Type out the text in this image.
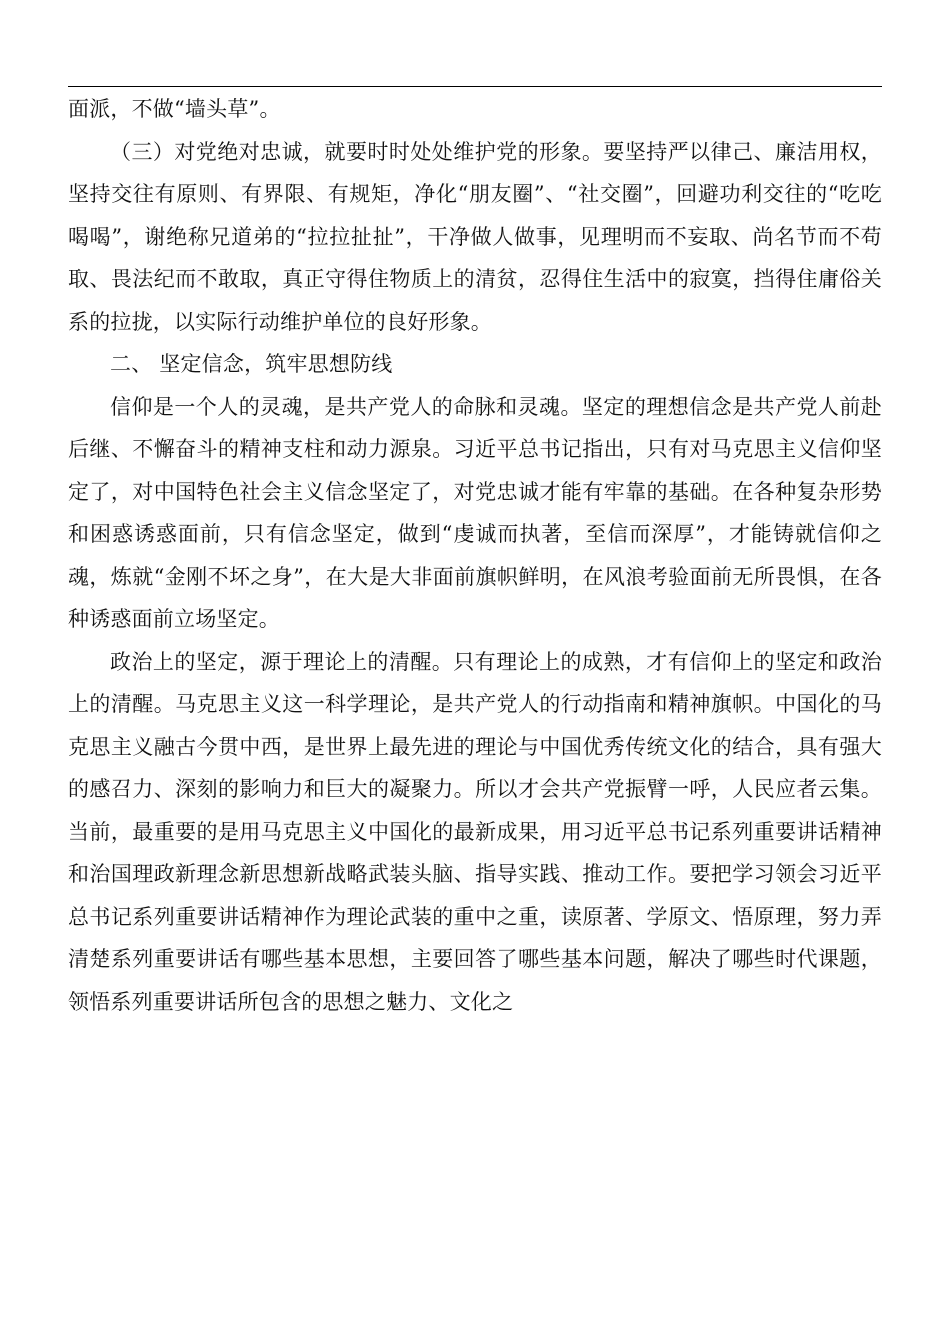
面派，不做“墙头草”。

（三）对党绝对忠诚，就要时时处处维护党的形象。要坚持严以律己、廉洁用权，坚持交往有原则、有界限、有规矩，净化“朋友圈”、“社交圈”，回避功利交往的“吃吃喝喝”，谢绝称兄道弟的“拉拉扯扯”，干净做人做事，见理明而不妄取、尚名节而不苟取、畏法纪而不敢取，真正守得住物质上的清贫，忍得住生活中的寂寞，挡得住庸俗关系的拉拢，以实际行动维护单位的良好形象。

二、 坚定信念，筑牢思想防线

信仰是一个人的灵魂，是共产党人的命脉和灵魂。坚定的理想信念是共产党人前赴后继、不懈奋斗的精神支柱和动力源泉。习近平总书记指出，只有对马克思主义信仰坚定了，对中国特色社会主义信念坚定了，对党忠诚才能有牢靠的基础。在各种复杂形势和困惑诱惑面前，只有信念坚定，做到“虔诚而执著，至信而深厚”，才能铸就信仰之魂，炼就“金刚不坏之身”，在大是大非面前旗帜鲜明，在风浪考验面前无所畏惧，在各种诱惑面前立场坚定。

政治上的坚定，源于理论上的清醒。只有理论上的成熟，才有信仰上的坚定和政治上的清醒。马克思主义这一科学理论，是共产党人的行动指南和精神旗帜。中国化的马克思主义融古今贯中西，是世界上最先进的理论与中国优秀传统文化的结合，具有强大的感召力、深刻的影响力和巨大的凝聚力。所以才会共产党振臂一呼，人民应者云集。当前，最重要的是用马克思主义中国化的最新成果，用习近平总书记系列重要讲话精神和治国理政新理念新思想新战略武装头脑、指导实践、推动工作。要把学习领会习近平总书记系列重要讲话精神作为理论武装的重中之重，读原著、学原文、悟原理，努力弄清楚系列重要讲话有哪些基本思想，主要回答了哪些基本问题，解决了哪些时代课题，领悟系列重要讲话所包含的思想之魅力、文化之
